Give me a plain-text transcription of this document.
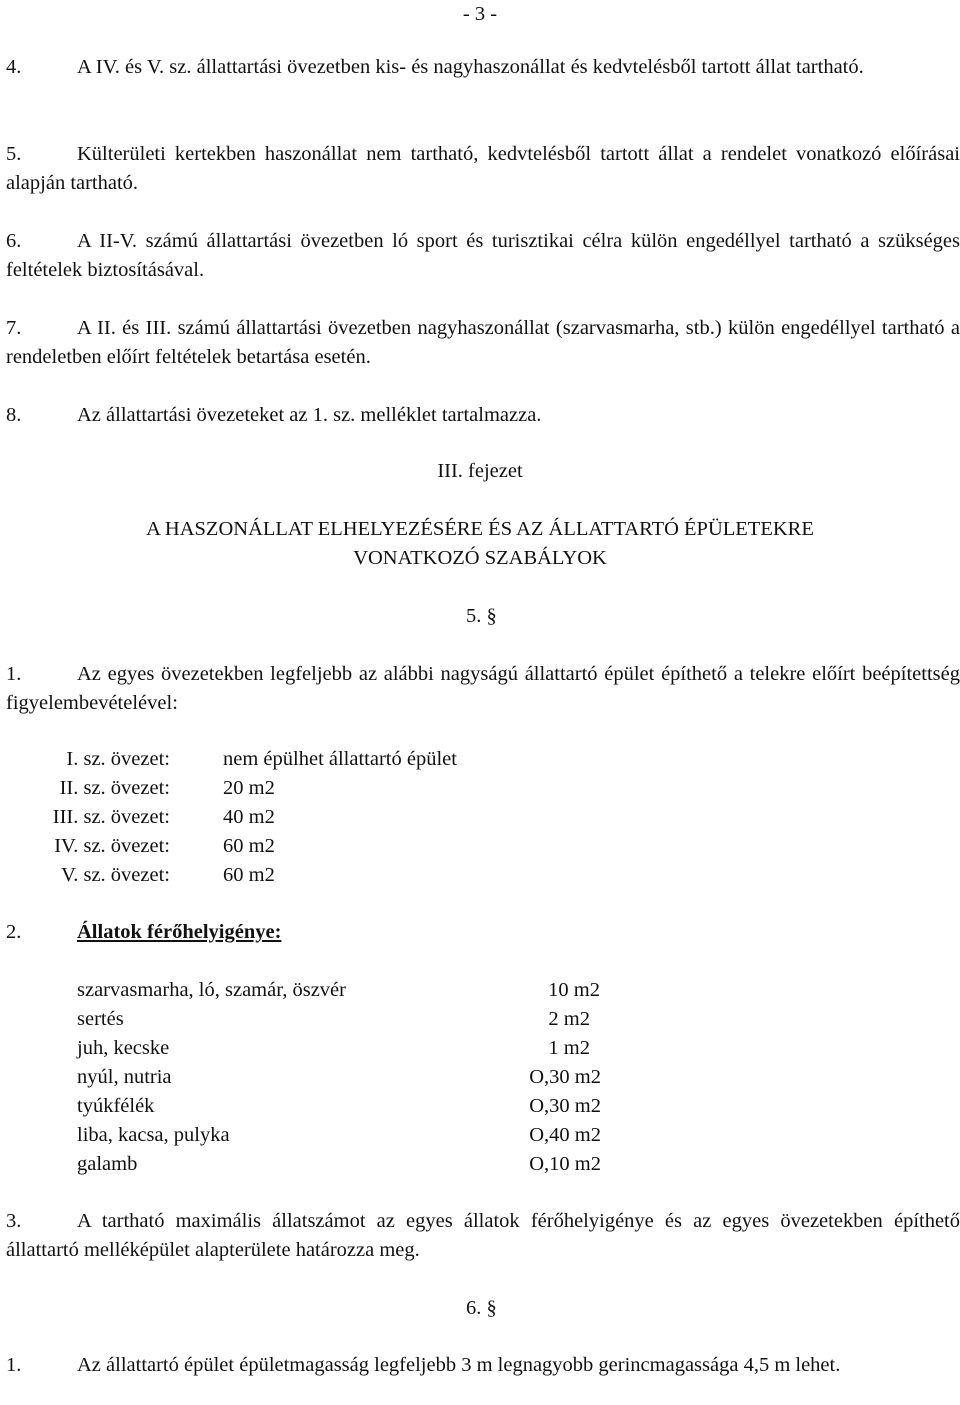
- 3 -
4.	A IV. és V. sz. állattartási övezetben kis- és nagyhaszonállat és kedvtelésből tartott állat tartható.
5.	Külterületi kertekben haszonállat nem tartható, kedvtelésből tartott állat a rendelet vonatkozó előírásai alapján tartható.
6.	A II-V. számú állattartási övezetben ló sport és turisztikai célra külön engedéllyel tartható a szükséges feltételek biztosításával.
7.	A II. és III. számú állattartási övezetben nagyhaszonállat (szarvasmarha, stb.) külön engedéllyel tartható a rendeletben előírt feltételek betartása esetén.
8.	Az állattartási övezeteket az 1. sz. melléklet tartalmazza.
III. fejezet
A HASZONÁLLAT ELHELYEZÉSÉRE ÉS AZ ÁLLATTARTÓ ÉPÜLETEKRE
VONATKOZÓ SZABÁLYOK
5. §
1.	Az egyes övezetekben legfeljebb az alábbi nagyságú állattartó épület építhető a telekre előírt beépítettség figyelembevételével:
I. sz. övezet:	nem épülhet állattartó épület
II. sz. övezet:	20 m2
III. sz. övezet:	40 m2
IV. sz. övezet:	60 m2
V. sz. övezet:	60 m2
2.	Állatok férőhelyigénye:
szarvasmarha, ló, szamár, öszvér	10 m2
sertés	2 m2
juh, kecske	1 m2
nyúl, nutria	O,30 m2
tyúkfélék	O,30 m2
liba, kacsa, pulyka	O,40 m2
galamb	O,10 m2
3.	A tartható maximális állatszámot az egyes állatok férőhelyigénye és az egyes övezetekben építhető állattartó melléképület alapterülete határozza meg.
6. §
1.	Az állattartó épület épületmagasság legfeljebb 3 m legnagyobb gerincmagassága 4,5 m lehet.
